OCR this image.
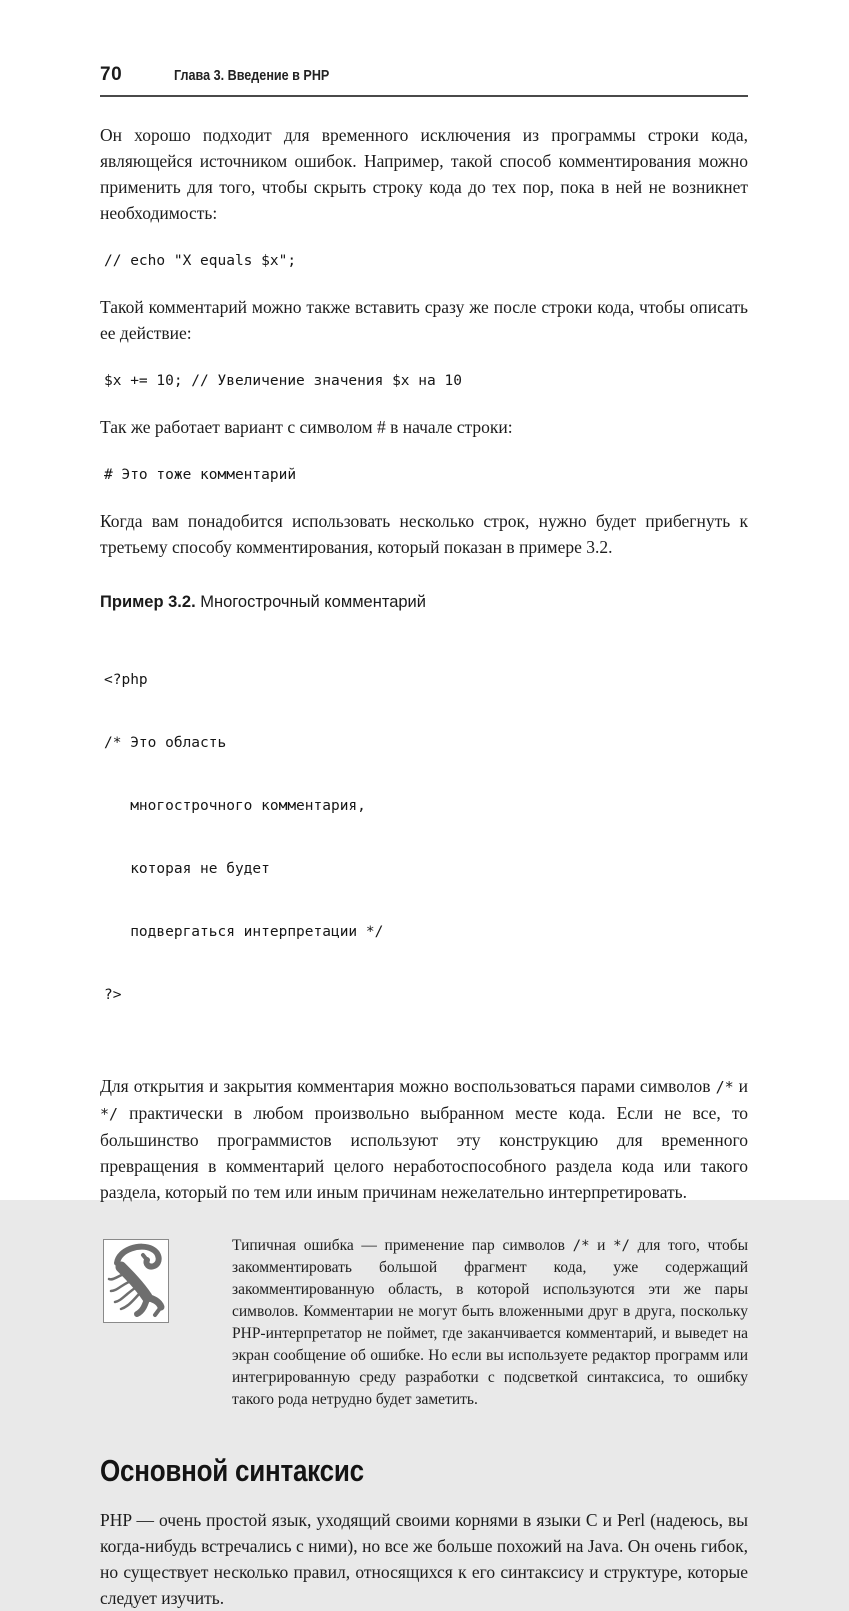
70	Глава 3. Введение в PHP

Он хорошо подходит для временного исключения из программы строки кода, являющейся источником ошибок. Например, такой способ комментирования можно применить для того, чтобы скрыть строку кода до тех пор, пока в ней не возникнет необходимость:

// echo "X equals $x";

Такой комментарий можно также вставить сразу же после строки кода, чтобы описать ее действие:

$x += 10; // Увеличение значения $x на 10

Так же работает вариант с символом # в начале строки:

# Это тоже комментарий

Когда вам понадобится использовать несколько строк, нужно будет прибегнуть к третьему способу комментирования, который показан в примере 3.2.

Пример 3.2. Многострочный комментарий

<?php

/* Это область

многострочного комментария,

которая не будет

подвергаться интерпретации */

?>

Для открытия и закрытия комментария можно воспользоваться парами символов /* и */ практически в любом произвольно выбранном месте кода. Если не все, то большинство программистов используют эту конструкцию для временного превращения в комментарий целого неработоспособного раздела кода или такого раздела, который по тем или иным причинам нежелательно интерпретировать.

Типичная ошибка — применение пар символов /* и */ для того, чтобы закомментировать большой фрагмент кода, уже содержащий закомментированную область, в которой используются эти же пары символов. Комментарии не могут быть вложенными друг в друга, поскольку PHP-интерпретатор не поймет, где заканчивается комментарий, и выведет на экран сообщение об ошибке. Но если вы используете редактор программ или интегрированную среду разработки с подсветкой синтаксиса, то ошибку такого рода нетрудно будет заметить.
Основной синтаксис

PHP — очень простой язык, уходящий своими корнями в языки C и Perl (надеюсь, вы когда-нибудь встречались с ними), но все же больше похожий на Java. Он очень гибок, но существует несколько правил, относящихся к его синтаксису и структуре, которые следует изучить.
